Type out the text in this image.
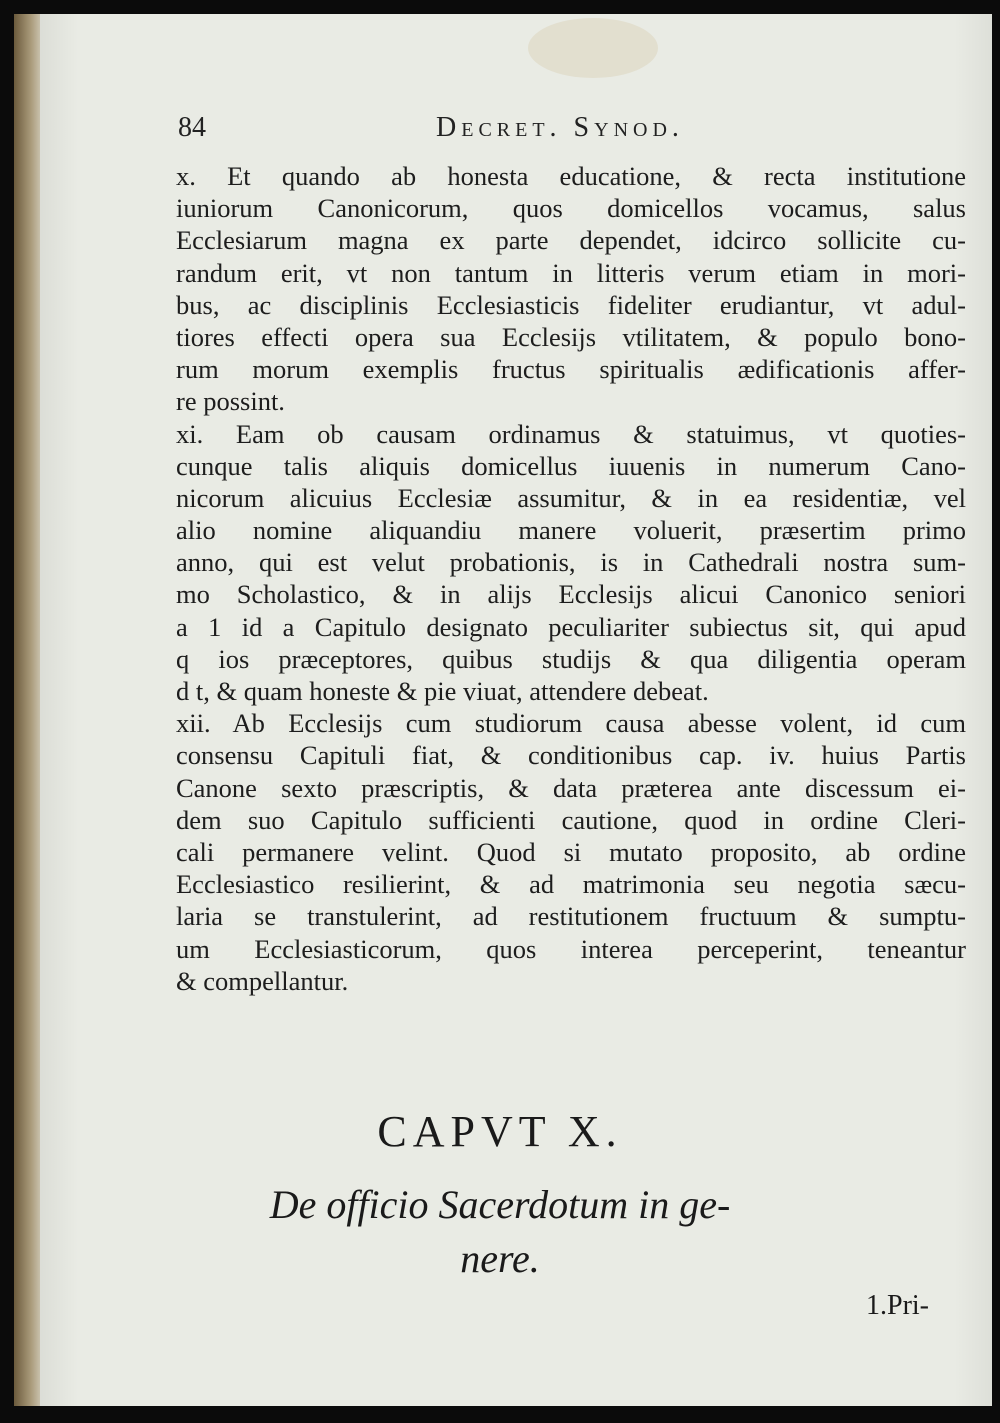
84	Decret. Synod.
x. Et quando ab honesta educatione, & recta institutione
iuniorum Canonicorum, quos domicellos vocamus, salus
Ecclesiarum magna ex parte dependet, idcirco sollicite cu-
randum erit, vt non tantum in litteris verum etiam in mori-
bus, ac disciplinis Ecclesiasticis fideliter erudiantur, vt adul-
tiores effecti opera sua Ecclesijs vtilitatem, & populo bono-
rum morum exemplis fructus spiritualis ædificationis affer-
re possint.
xi. Eam ob causam ordinamus & statuimus, vt quoties-
cunque talis aliquis domicellus iuuenis in numerum Cano-
nicorum alicuius Ecclesiæ assumitur, & in ea residentiæ, vel
alio nomine aliquandiu manere voluerit, præsertim primo
anno, qui est velut probationis, is in Cathedrali nostra sum-
mo Scholastico, & in alijs Ecclesijs alicui Canonico seniori
a 1 id a Capitulo designato peculiariter subiectus sit, qui apud
q ios præceptores, quibus studijs & qua diligentia operam
d t, & quam honeste & pie viuat, attendere debeat.
xii. Ab Ecclesijs cum studiorum causa abesse volent, id cum
consensu Capituli fiat, & conditionibus cap. iv. huius Partis
Canone sexto præscriptis, & data præterea ante discessum ei-
dem suo Capitulo sufficienti cautione, quod in ordine Cleri-
cali permanere velint. Quod si mutato proposito, ab ordine
Ecclesiastico resilierint, & ad matrimonia seu negotia sæcu-
laria se transtulerint, ad restitutionem fructuum & sumptu-
um Ecclesiasticorum, quos interea perceperint, teneantur
& compellantur.
CAPVT X.
De officio Sacerdotum in ge-
nere.
1.Pri-
